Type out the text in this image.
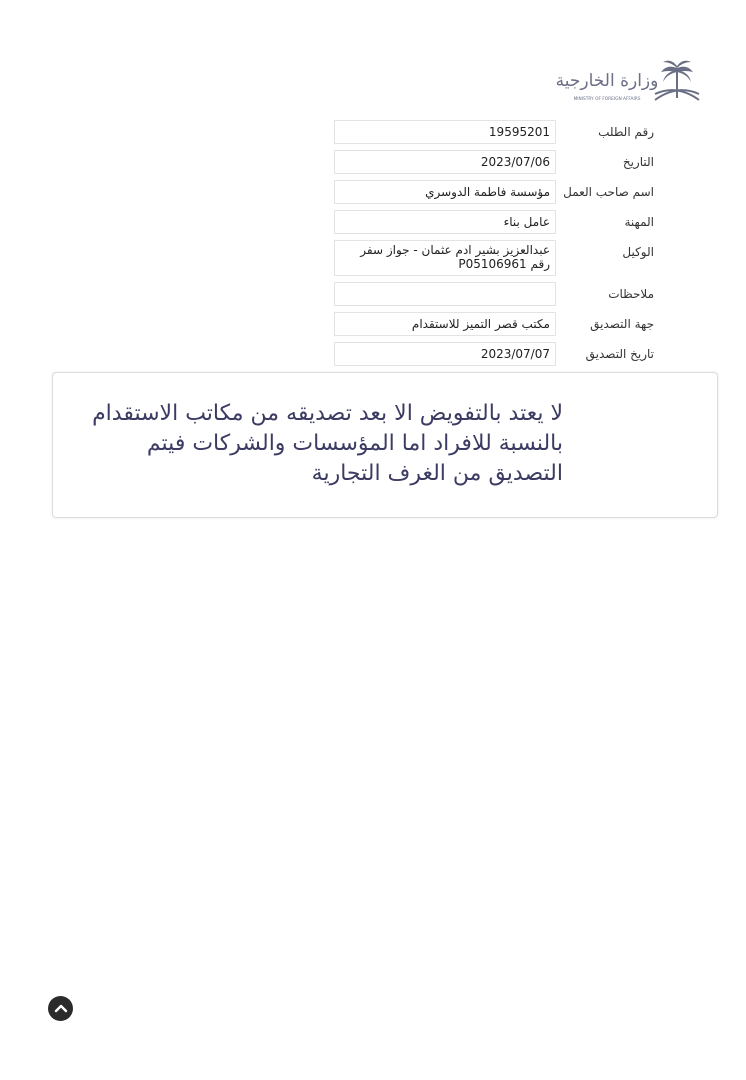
وزارة الخارجية
MINISTRY OF FOREIGN AFFAIRS
رقم الطلب
19595201
التاريخ
2023/07/06
اسم صاحب العمل
مؤسسة فاطمة الدوسري
المهنة
عامل بناء
الوكيل
عبدالعزيز بشير ادم عثمان - جواز سفر رقم P05106961
ملاحظات
جهة التصديق
مكتب قصر التميز للاستقدام
تاريخ التصديق
2023/07/07
لا يعتد بالتفويض الا بعد تصديقه من مكاتب الاستقدام بالنسبة للافراد اما المؤسسات والشركات فيتم التصديق من الغرف التجارية
